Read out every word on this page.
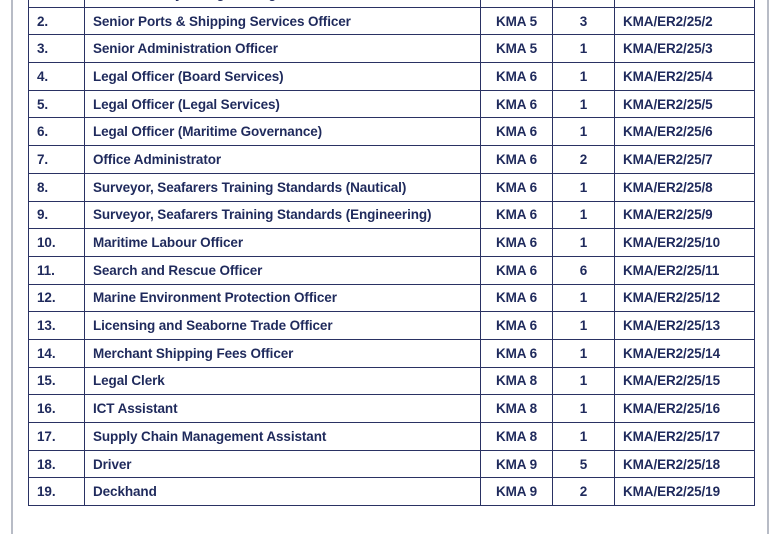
2.	Senior Ports & Shipping Services Officer	KMA 5	3	KMA/ER2/25/2
3.	Senior Administration Officer	KMA 5	1	KMA/ER2/25/3
4.	Legal Officer (Board Services)	KMA 6	1	KMA/ER2/25/4
5.	Legal Officer (Legal Services)	KMA 6	1	KMA/ER2/25/5
6.	Legal Officer (Maritime Governance)	KMA 6	1	KMA/ER2/25/6
7.	Office Administrator	KMA 6	2	KMA/ER2/25/7
8.	Surveyor, Seafarers Training Standards (Nautical)	KMA 6	1	KMA/ER2/25/8
9.	Surveyor, Seafarers Training Standards (Engineering)	KMA 6	1	KMA/ER2/25/9
10.	Maritime Labour Officer	KMA 6	1	KMA/ER2/25/10
11.	Search and Rescue Officer	KMA 6	6	KMA/ER2/25/11
12.	Marine Environment Protection Officer	KMA 6	1	KMA/ER2/25/12
13.	Licensing and Seaborne Trade Officer	KMA 6	1	KMA/ER2/25/13
14.	Merchant Shipping Fees Officer	KMA 6	1	KMA/ER2/25/14
15.	Legal Clerk	KMA 8	1	KMA/ER2/25/15
16.	ICT Assistant	KMA 8	1	KMA/ER2/25/16
17.	Supply Chain Management Assistant	KMA 8	1	KMA/ER2/25/17
18.	Driver	KMA 9	5	KMA/ER2/25/18
19.	Deckhand	KMA 9	2	KMA/ER2/25/19
